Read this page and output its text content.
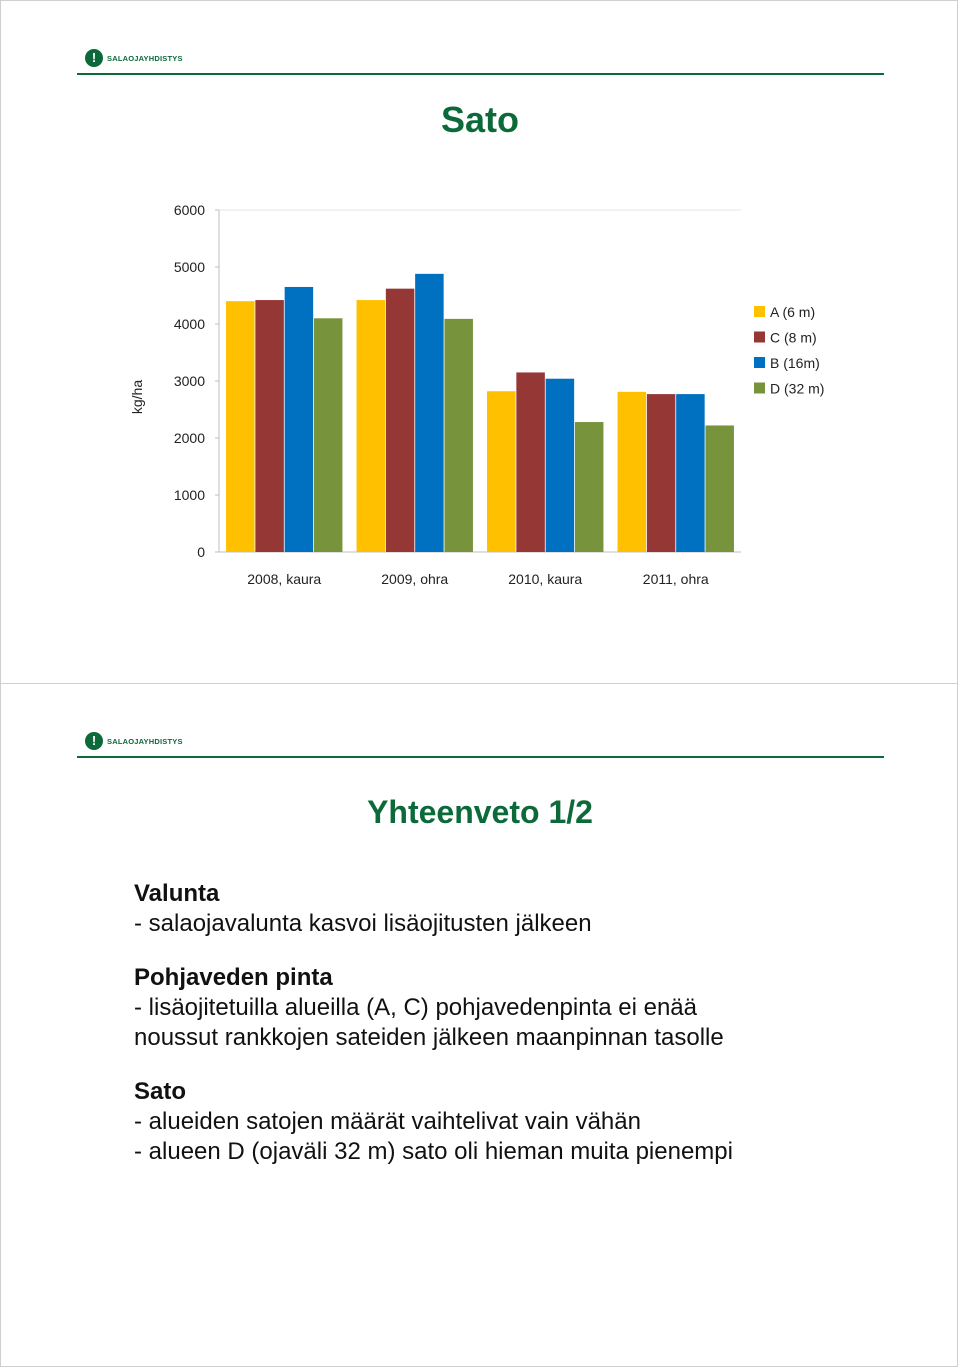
!	SALAOJAYHDISTYS
Sato
0
1000
2000
3000
4000
5000
6000
kg/ha
2008, kaura	2009, ohra	2010, kaura	2011, ohra
A (6 m)
C (8 m)
B (16m)
D (32 m)
!	SALAOJAYHDISTYS
Yhteenveto 1/2

Valunta

- salaojavalunta kasvoi lisäojitusten jälkeen

Pohjaveden pinta

- lisäojitetuilla alueilla (A, C) pohjavedenpinta ei enää

noussut rankkojen sateiden jälkeen maanpinnan tasolle

Sato

- alueiden satojen määrät vaihtelivat vain vähän

- alueen D (ojaväli 32 m) sato oli hieman muita pienempi
